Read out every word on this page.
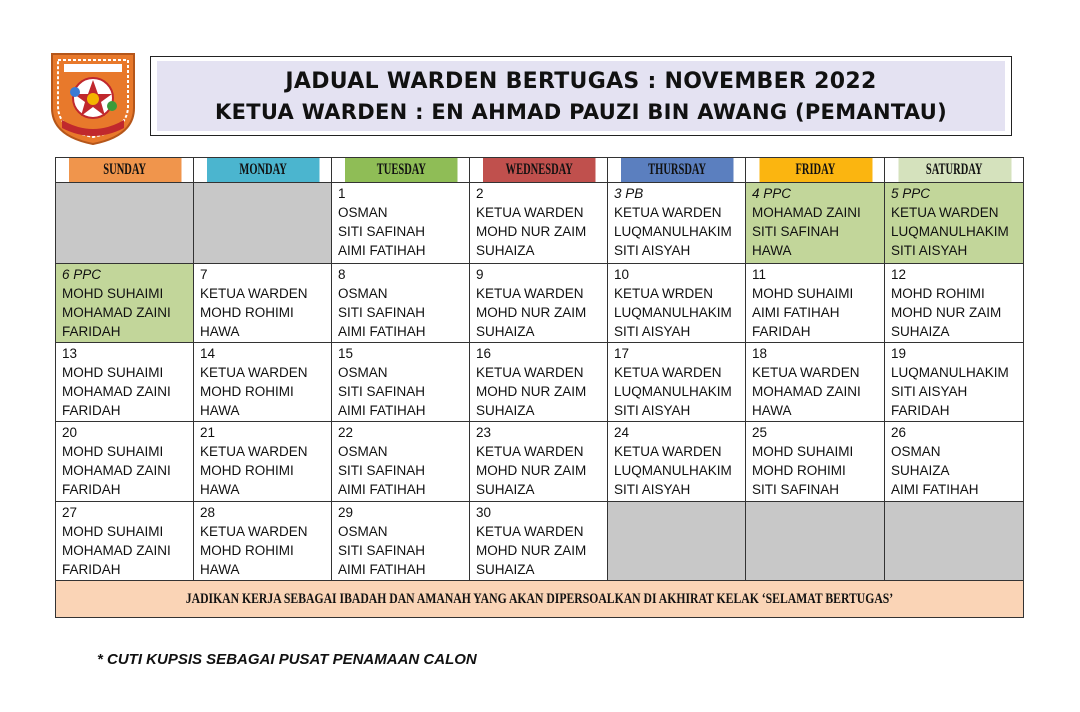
JADUAL WARDEN BERTUGAS : NOVEMBER 2022
KETUA WARDEN : EN AHMAD PAUZI BIN AWANG (PEMANTAU)
SUNDAY	MONDAY	TUESDAY	WEDNESDAY	THURSDAY	FRIDAY	SATURDAY

		1
OSMAN
SITI SAFINAH
AIMI FATIHAH	2
KETUA WARDEN
MOHD NUR ZAIM
SUHAIZA	3 PB
KETUA WARDEN
LUQMANULHAKIM
SITI AISYAH	4 PPC
MOHAMAD ZAINI
SITI SAFINAH
HAWA	5 PPC
KETUA WARDEN
LUQMANULHAKIM
SITI AISYAH

6 PPC
MOHD SUHAIMI
MOHAMAD ZAINI
FARIDAH	7
KETUA WARDEN
MOHD ROHIMI
HAWA	8
OSMAN
SITI SAFINAH
AIMI FATIHAH	9
KETUA WARDEN
MOHD NUR ZAIM
SUHAIZA	10
KETUA WRDEN
LUQMANULHAKIM
SITI AISYAH	11
MOHD SUHAIMI
AIMI FATIHAH
FARIDAH	12
MOHD ROHIMI
MOHD NUR ZAIM
SUHAIZA

13
MOHD SUHAIMI
MOHAMAD ZAINI
FARIDAH	14
KETUA WARDEN
MOHD ROHIMI
HAWA	15
OSMAN
SITI SAFINAH
AIMI FATIHAH	16
KETUA WARDEN
MOHD NUR ZAIM
SUHAIZA	17
KETUA WARDEN
LUQMANULHAKIM
SITI AISYAH	18
KETUA WARDEN
MOHAMAD ZAINI
HAWA	19
LUQMANULHAKIM
SITI AISYAH
FARIDAH

20
MOHD SUHAIMI
MOHAMAD ZAINI
FARIDAH	21
KETUA WARDEN
MOHD ROHIMI
HAWA	22
OSMAN
SITI SAFINAH
AIMI FATIHAH	23
KETUA WARDEN
MOHD NUR ZAIM
SUHAIZA	24
KETUA WARDEN
LUQMANULHAKIM
SITI AISYAH	25
MOHD SUHAIMI
MOHD ROHIMI
SITI SAFINAH	26
OSMAN
SUHAIZA
AIMI FATIHAH

27
MOHD SUHAIMI
MOHAMAD ZAINI
FARIDAH	28
KETUA WARDEN
MOHD ROHIMI
HAWA	29
OSMAN
SITI SAFINAH
AIMI FATIHAH	30
KETUA WARDEN
MOHD NUR ZAIM
SUHAIZA			

JADIKAN KERJA SEBAGAI IBADAH DAN AMANAH YANG AKAN DIPERSOALKAN DI AKHIRAT KELAK ‘SELAMAT BERTUGAS’						
* CUTI KUPSIS SEBAGAI PUSAT PENAMAAN CALON
